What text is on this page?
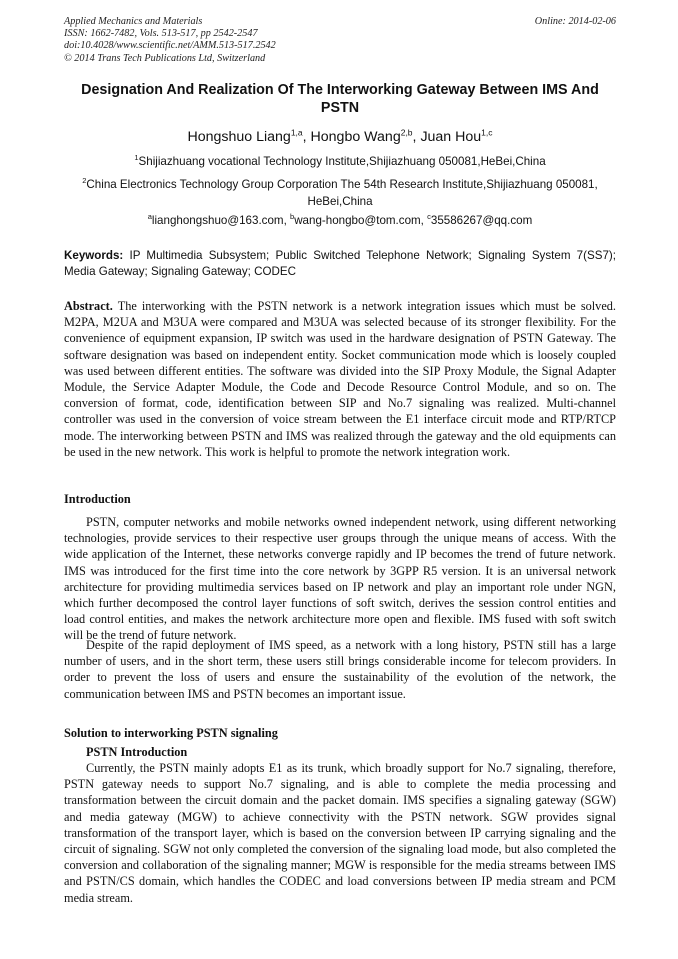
Applied Mechanics and Materials
ISSN: 1662-7482, Vols. 513-517, pp 2542-2547
doi:10.4028/www.scientific.net/AMM.513-517.2542
© 2014 Trans Tech Publications Ltd, Switzerland
Online: 2014-02-06
Designation And Realization Of The Interworking Gateway Between IMS And PSTN
Hongshuo Liang$^{1,a}$, Hongbo Wang$^{2,b}$, Juan Hou$^{1,c}$
$^1$Shijiazhuang vocational Technology Institute,Shijiazhuang 050081,HeBei,China
$^2$China Electronics Technology Group Corporation The 54th Research Institute,Shijiazhuang 050081, HeBei,China
$^a$lianghongshuo@163.com, $^b$wang-hongbo@tom.com, $^c$35586267@qq.com
Keywords: IP Multimedia Subsystem; Public Switched Telephone Network; Signaling System 7(SS7); Media Gateway; Signaling Gateway; CODEC
Abstract. The interworking with the PSTN network is a network integration issues which must be solved. M2PA, M2UA and M3UA were compared and M3UA was selected because of its stronger flexibility. For the convenience of equipment expansion, IP switch was used in the hardware designation of PSTN Gateway. The software designation was based on independent entity. Socket communication mode which is loosely coupled was used between different entities. The software was divided into the SIP Proxy Module, the Signal Adapter Module, the Service Adapter Module, the Code and Decode Resource Control Module, and so on. The conversion of format, code, identification between SIP and No.7 signaling was realized. Multi-channel controller was used in the conversion of voice stream between the E1 interface circuit mode and RTP/RTCP mode. The interworking between PSTN and IMS was realized through the gateway and the old equipments can be used in the new network. This work is helpful to promote the network integration work.
Introduction

PSTN, computer networks and mobile networks owned independent network, using different networking technologies, provide services to their respective user groups through the unique means of access. With the wide application of the Internet, these networks converge rapidly and IP becomes the trend of future network. IMS was introduced for the first time into the core network by 3GPP R5 version. It is an universal network architecture for providing multimedia services based on IP network and play an important role under NGN, which further decomposed the control layer functions of soft switch, derives the session control entities and load control entities, and makes the network architecture more open and flexible. IMS fused with soft switch will be the trend of future network.

Despite of the rapid deployment of IMS speed, as a network with a long history, PSTN still has a large number of users, and in the short term, these users still brings considerable income for telecom providers. In order to prevent the loss of users and ensure the sustainability of the evolution of the network, the communication between IMS and PSTN becomes an important issue.

Solution to interworking PSTN signaling
PSTN Introduction

Currently, the PSTN mainly adopts E1 as its trunk, which broadly support for No.7 signaling, therefore, PSTN gateway needs to support No.7 signaling, and is able to complete the media processing and transformation between the circuit domain and the packet domain. IMS specifies a signaling gateway (SGW) and media gateway (MGW) to achieve connectivity with the PSTN network. SGW provides signal transformation of the transport layer, which is based on the conversion between IP carrying signaling and the circuit of signaling. SGW not only completed the conversion of the signaling load mode, but also completed the conversion and collaboration of the signaling manner; MGW is responsible for the media streams between IMS and PSTN/CS domain, which handles the CODEC and load conversions between IP media stream and PCM media stream.
